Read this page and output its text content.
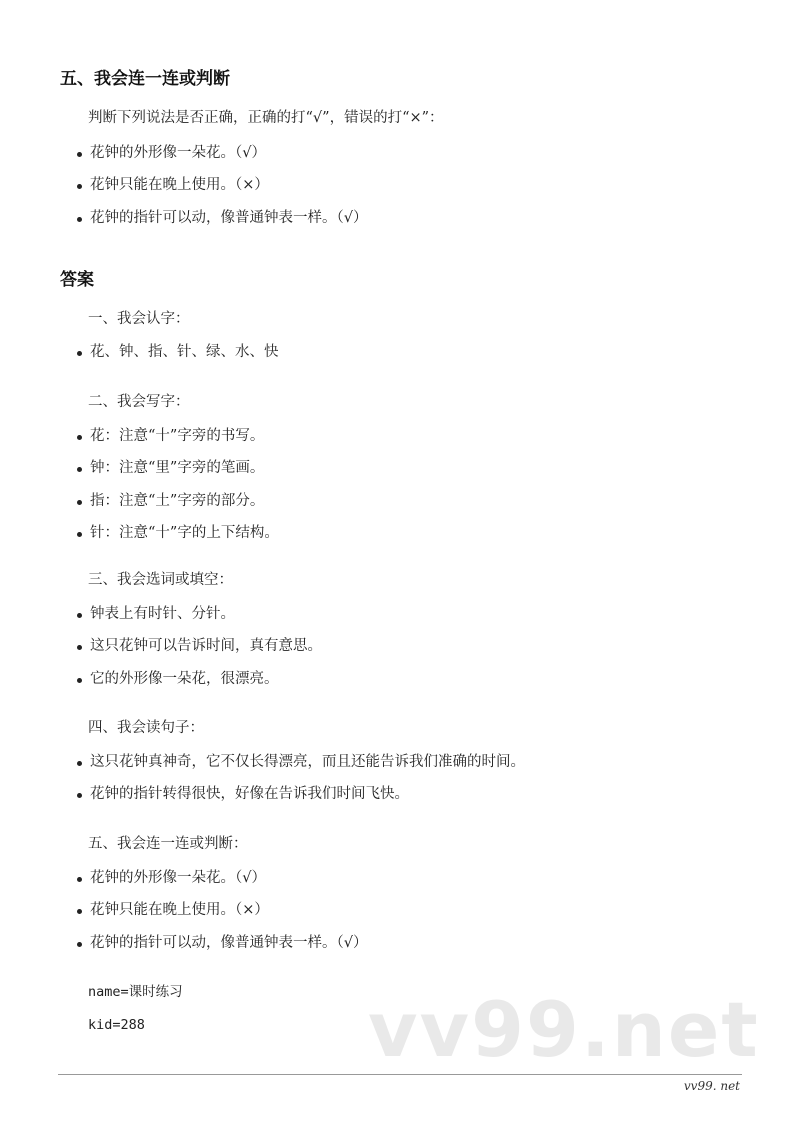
五、我会连一连或判断
判断下列说法是否正确，正确的打“√”，错误的打“×”：
花钟的外形像一朵花。（√）
花钟只能在晚上使用。（×）
花钟的指针可以动，像普通钟表一样。（√）
答案
一、我会认字：
花、钟、指、针、绿、水、快
二、我会写字：
花：注意“十”字旁的书写。
钟：注意“里”字旁的笔画。
指：注意“土”字旁的部分。
针：注意“十”字的上下结构。
三、我会选词或填空：
钟表上有时针、分针。
这只花钟可以告诉时间，真有意思。
它的外形像一朵花，很漂亮。
四、我会读句子：
这只花钟真神奇，它不仅长得漂亮，而且还能告诉我们准确的时间。
花钟的指针转得很快，好像在告诉我们时间飞快。
五、我会连一连或判断：
花钟的外形像一朵花。（√）
花钟只能在晚上使用。（×）
花钟的指针可以动，像普通钟表一样。（√）
name=课时练习
kid=288	vv99.net
vv99. net
